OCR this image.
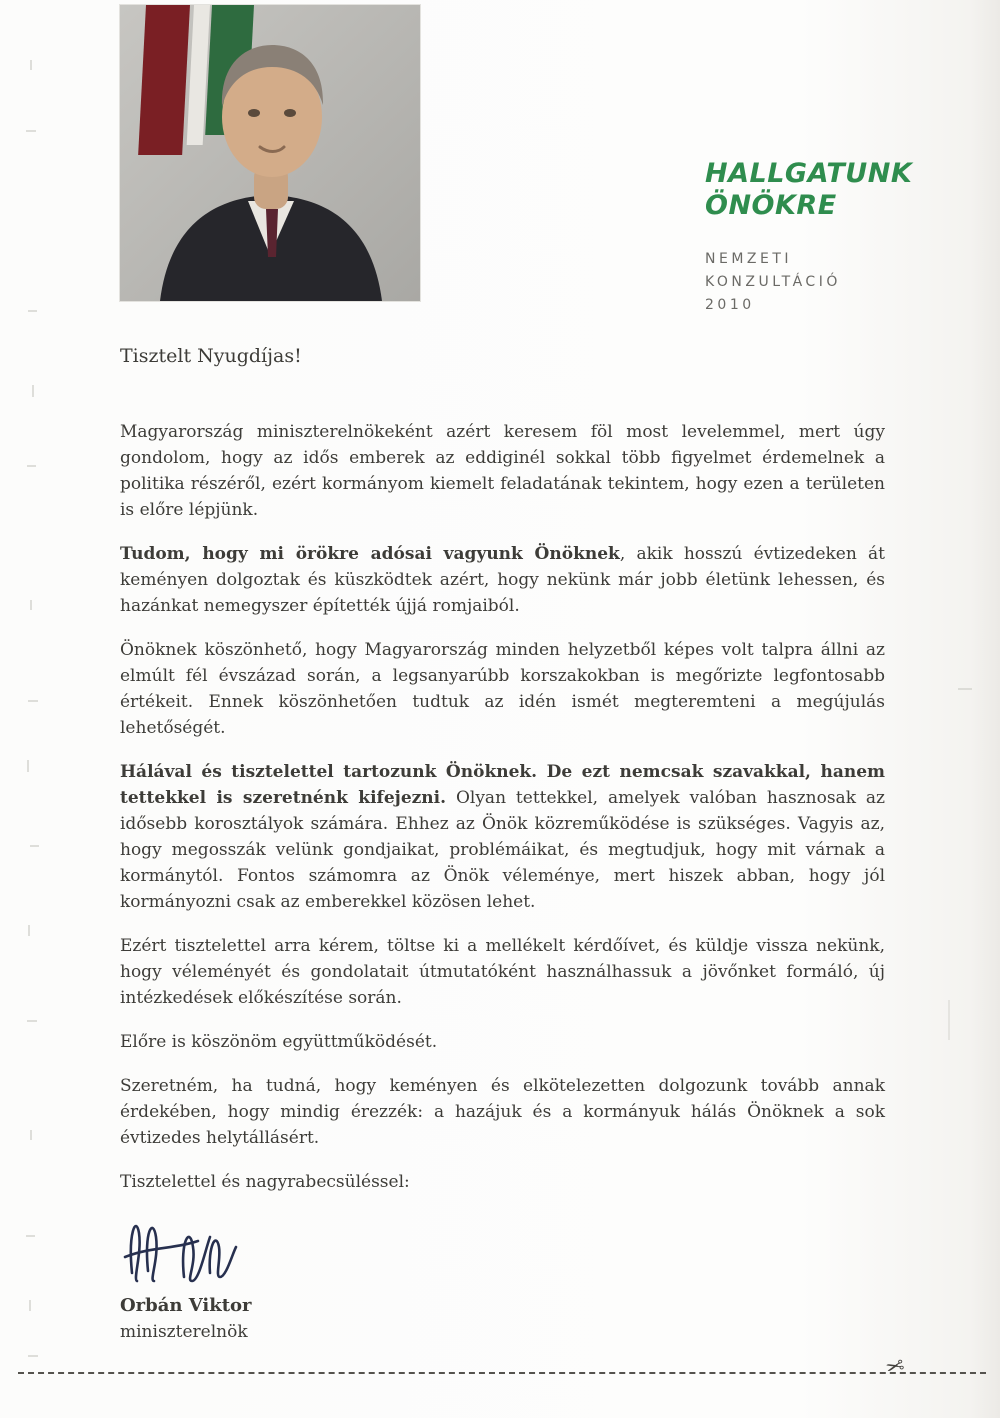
HALLGATUNK
ÖNÖKRE
NEMZETI
KONZULTÁCIÓ
2010

Tisztelt Nyugdíjas!

Magyarország miniszterelnökeként azért keresem föl most levelemmel, mert úgy gondolom, hogy az idős emberek az eddiginél sokkal több figyelmet érdemelnek a politika részéről, ezért kormányom kiemelt feladatának tekintem, hogy ezen a területen is előre lépjünk.

Tudom, hogy mi örökre adósai vagyunk Önöknek, akik hosszú évtizedeken át keményen dolgoztak és küszködtek azért, hogy nekünk már jobb életünk lehessen, és hazánkat nemegyszer építették újjá romjaiból.

Önöknek köszönhető, hogy Magyarország minden helyzetből képes volt talpra állni az elmúlt fél évszázad során, a legsanyarúbb korszakokban is megőrizte legfontosabb értékeit. Ennek köszönhetően tudtuk az idén ismét megteremteni a megújulás lehetőségét.

Hálával és tisztelettel tartozunk Önöknek. De ezt nemcsak szavakkal, hanem tettekkel is szeretnénk kifejezni. Olyan tettekkel, amelyek valóban hasznosak az idősebb korosztályok számára. Ehhez az Önök közreműködése is szükséges. Vagyis az, hogy megosszák velünk gondjaikat, problémáikat, és megtudjuk, hogy mit várnak a kormánytól. Fontos számomra az Önök véleménye, mert hiszek abban, hogy jól kormányozni csak az emberekkel közösen lehet.

Ezért tisztelettel arra kérem, töltse ki a mellékelt kérdőívet, és küldje vissza nekünk, hogy véleményét és gondolatait útmutatóként használhassuk a jövőnket formáló, új intézkedések előkészítése során.

Előre is köszönöm együttműködését.

Szeretném, ha tudná, hogy keményen és elkötelezetten dolgozunk tovább annak érdekében, hogy mindig érezzék: a hazájuk és a kormányuk hálás Önöknek a sok évtizedes helytállásért.

Tisztelettel és nagyrabecsüléssel:

Orbán Viktor
miniszterelnök
✂
